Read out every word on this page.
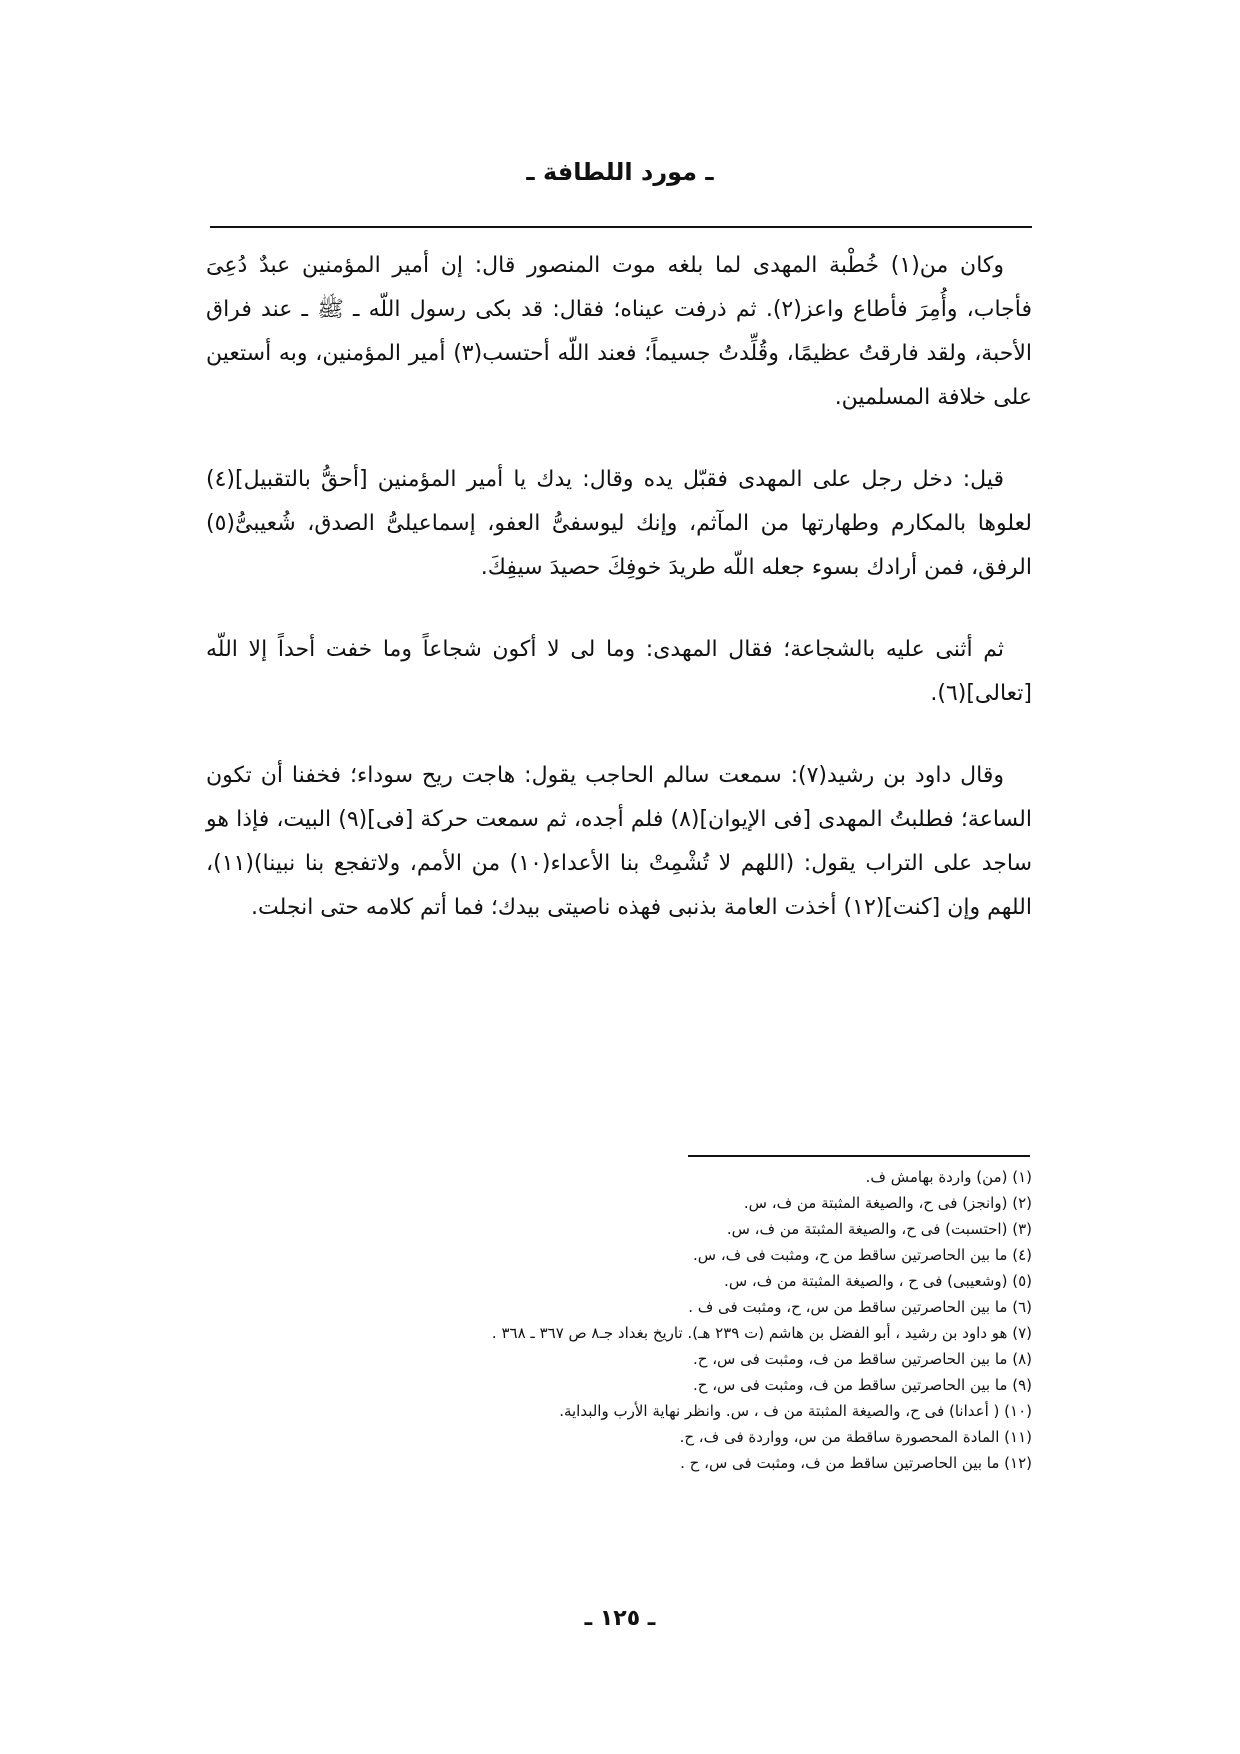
ـ مورد اللطافة ـ

وكان من(١) خُطْبة المهدى لما بلغه موت المنصور قال: إن أمير المؤمنين عبدٌ دُعِىَ فأجاب، وأُمِرَ فأطاع واعز(٢). ثم ذرفت عيناه؛ فقال: قد بكى رسول اللّه ـ ﷺ ـ عند فراق الأحبة، ولقد فارقتُ عظيمًا، وقُلِّدتُ جسيماً؛ فعند اللّه أحتسب(٣) أمير المؤمنين، وبه أستعين على خلافة المسلمين.

قيل: دخل رجل على المهدى فقبّل يده وقال: يدك يا أمير المؤمنين [أحقُّ بالتقبيل](٤) لعلوها بالمكارم وطهارتها من المآثم، وإنك ليوسفىُّ العفو، إسماعيلىُّ الصدق، شُعيبىُّ(٥) الرفق، فمن أرادك بسوء جعله اللّه طريدَ خوفِكَ حصيدَ سيفِكَ.

ثم أثنى عليه بالشجاعة؛ فقال المهدى: وما لى لا أكون شجاعاً وما خفت أحداً إلا اللّه [تعالى](٦).

وقال داود بن رشيد(٧): سمعت سالم الحاجب يقول: هاجت ريح سوداء؛ فخفنا أن تكون الساعة؛ فطلبتُ المهدى [فى الإيوان](٨) فلم أجده، ثم سمعت حركة [فى](٩) البيت، فإذا هو ساجد على التراب يقول: (اللهم لا تُشْمِتْ بنا الأعداء(١٠) من الأمم، ولاتفجع بنا نبينا)(١١)، اللهم وإن [كنت](١٢) أخذت العامة بذنبى فهذه ناصيتى بيدك؛ فما أتم كلامه حتى انجلت.

(١) (من) واردة بهامش ف.
(٢) (وانجز) فى ح، والصيغة المثبتة من ف، س.
(٣) (احتسبت) فى ح، والصيغة المثبتة من ف، س.
(٤) ما بين الحاصرتين ساقط من ح، ومثبت فى ف، س.
(٥) (وشعيبى) فى ح ، والصيغة المثبتة من ف، س.
(٦) ما بين الحاصرتين ساقط من س، ح، ومثبت فى ف .
(٧) هو داود بن رشيد ، أبو الفضل بن هاشم (ت ٢٣٩ هـ). تاريخ بغداد جـ٨ ص ٣٦٧ ـ ٣٦٨ .
(٨) ما بين الحاصرتين ساقط من ف، ومثبت فى س، ح.
(٩) ما بين الحاصرتين ساقط من ف، ومثبت فى س، ح.
(١٠) ( أعدانا) فى ح، والصيغة المثبتة من ف ، س. وانظر نهاية الأرب والبداية.
(١١) المادة المحصورة ساقطة من س، وواردة فى ف، ح.
(١٢) ما بين الحاصرتين ساقط من ف، ومثبت فى س، ح .
ـ ١٢٥ ـ
